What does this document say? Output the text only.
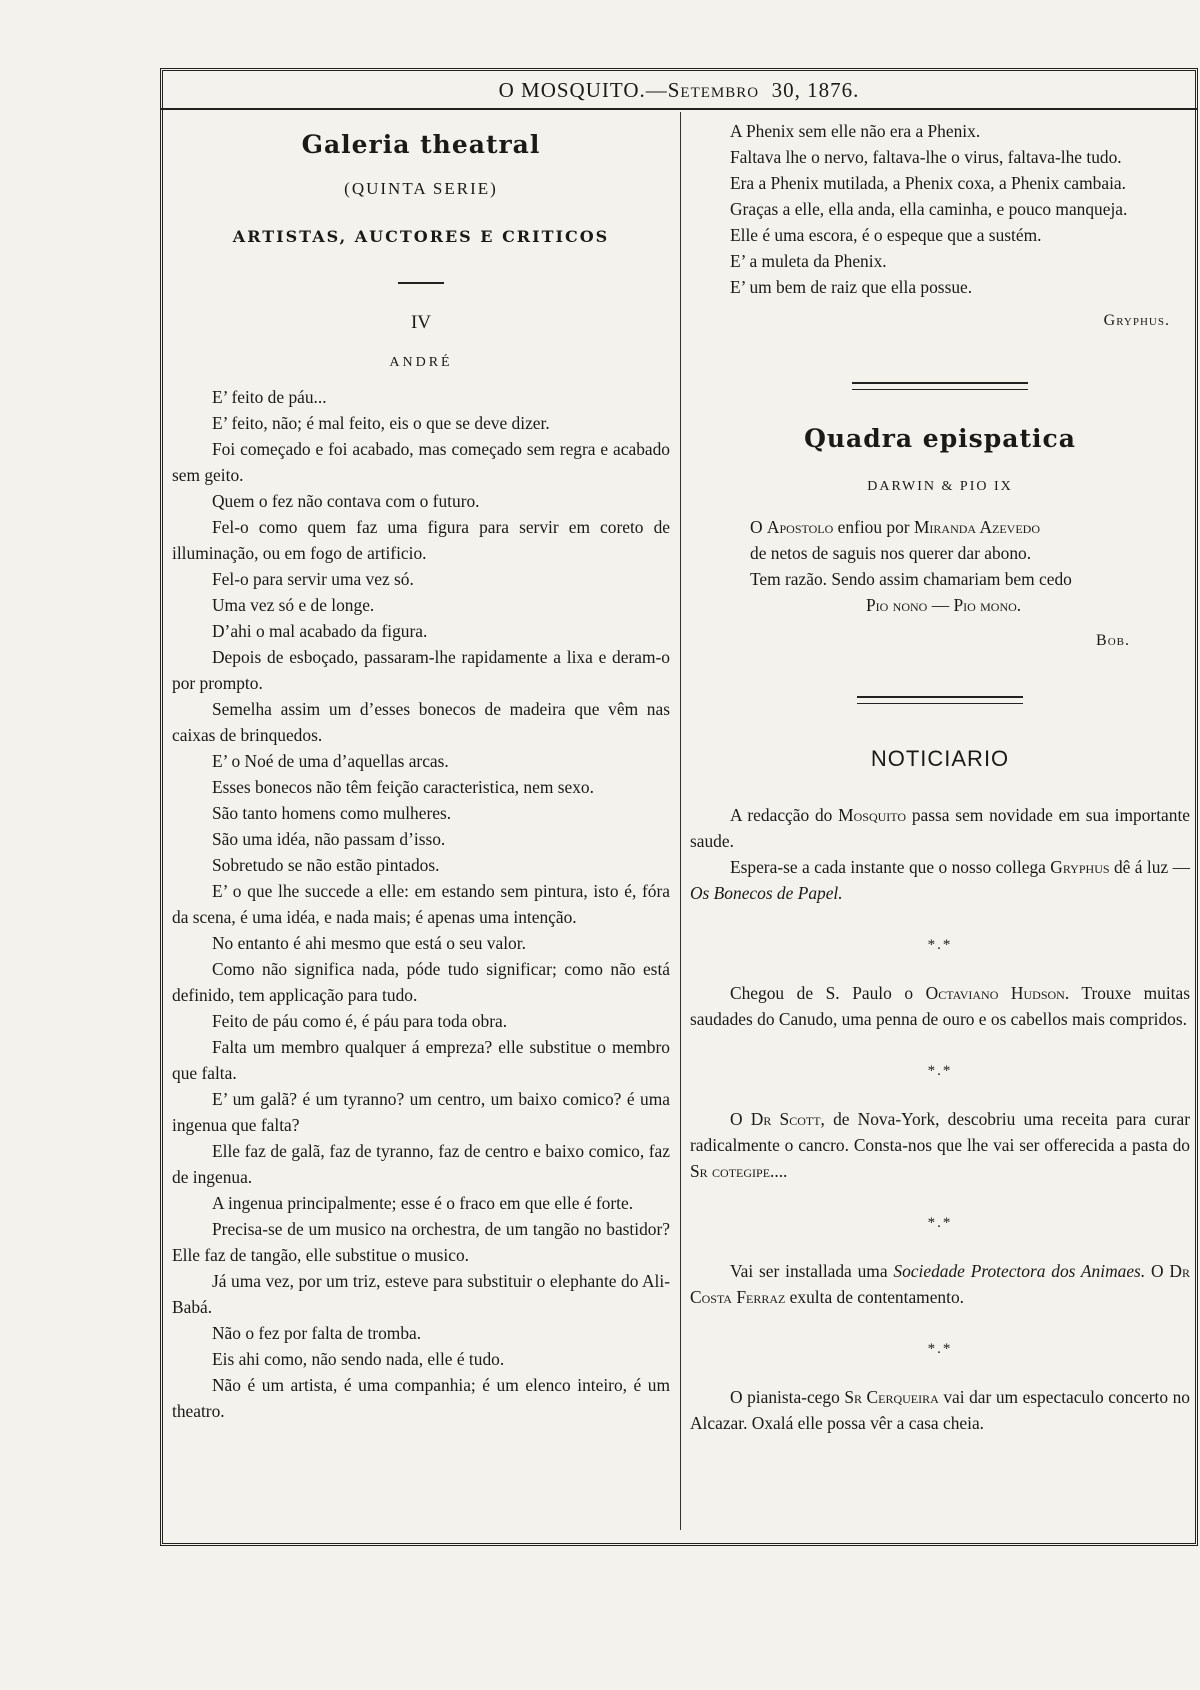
O MOSQUITO.—Setembro 30, 1876.
Galeria theatral
(QUINTA SERIE)
ARTISTAS, AUCTORES E CRITICOS
IV
ANDRÉ

E’ feito de páu...

E’ feito, não; é mal feito, eis o que se deve dizer.

Foi começado e foi acabado, mas começado sem regra e acabado sem geito.

Quem o fez não contava com o futuro.

Fel-o como quem faz uma figura para servir em coreto de illuminação, ou em fogo de artificio.

Fel-o para servir uma vez só.

Uma vez só e de longe.

D’ahi o mal acabado da figura.

Depois de esboçado, passaram-lhe rapidamente a lixa e deram-o por prompto.

Semelha assim um d’esses bonecos de madeira que vêm nas caixas de brinquedos.

E’ o Noé de uma d’aquellas arcas.

Esses bonecos não têm feição caracteristica, nem sexo.

São tanto homens como mulheres.

São uma idéa, não passam d’isso.

Sobretudo se não estão pintados.

E’ o que lhe succede a elle: em estando sem pintura, isto é, fóra da scena, é uma idéa, e nada mais; é apenas uma intenção.

No entanto é ahi mesmo que está o seu valor.

Como não significa nada, póde tudo significar; como não está definido, tem applicação para tudo.

Feito de páu como é, é páu para toda obra.

Falta um membro qualquer á empreza? elle substitue o membro que falta.

E’ um galã? é um tyranno? um centro, um baixo comico? é uma ingenua que falta?

Elle faz de galã, faz de tyranno, faz de centro e baixo comico, faz de ingenua.

A ingenua principalmente; esse é o fraco em que elle é forte.

Precisa-se de um musico na orchestra, de um tangão no bastidor? Elle faz de tangão, elle substitue o musico.

Já uma vez, por um triz, esteve para substituir o elephante do Ali-Babá.

Não o fez por falta de tromba.

Eis ahi como, não sendo nada, elle é tudo.

Não é um artista, é uma companhia; é um elenco inteiro, é um theatro.

A Phenix sem elle não era a Phenix.

Faltava lhe o nervo, faltava-lhe o virus, faltava-lhe tudo.

Era a Phenix mutilada, a Phenix coxa, a Phenix cambaia.

Graças a elle, ella anda, ella caminha, e pouco manqueja.

Elle é uma escora, é o espeque que a sustém.

E’ a muleta da Phenix.

E’ um bem de raiz que ella possue.

Gryphus.
Quadra epispatica
DARWIN & PIO IX
O Apostolo enfiou por Miranda Azevedo
de netos de saguis nos querer dar abono.
Tem razão. Sendo assim chamariam bem cedo
Pio nono — Pio mono.
Bob.
NOTICIARIO

A redacção do Mosquito passa sem novidade em sua importante saude.

Espera-se a cada instante que o nosso collega Gryphus dê á luz — Os Bonecos de Papel.

*.*

Chegou de S. Paulo o Octaviano Hudson. Trouxe muitas saudades do Canudo, uma penna de ouro e os cabellos mais compridos.

*.*

O Dr Scott, de Nova-York, descobriu uma receita para curar radicalmente o cancro. Consta-nos que lhe vai ser offerecida a pasta do Sr cotegipe....

*.*

Vai ser installada uma Sociedade Protectora dos Animaes. O Dr Costa Ferraz exulta de contentamento.

*.*

O pianista-cego Sr Cerqueira vai dar um espectaculo concerto no Alcazar. Oxalá elle possa vêr a casa cheia.
